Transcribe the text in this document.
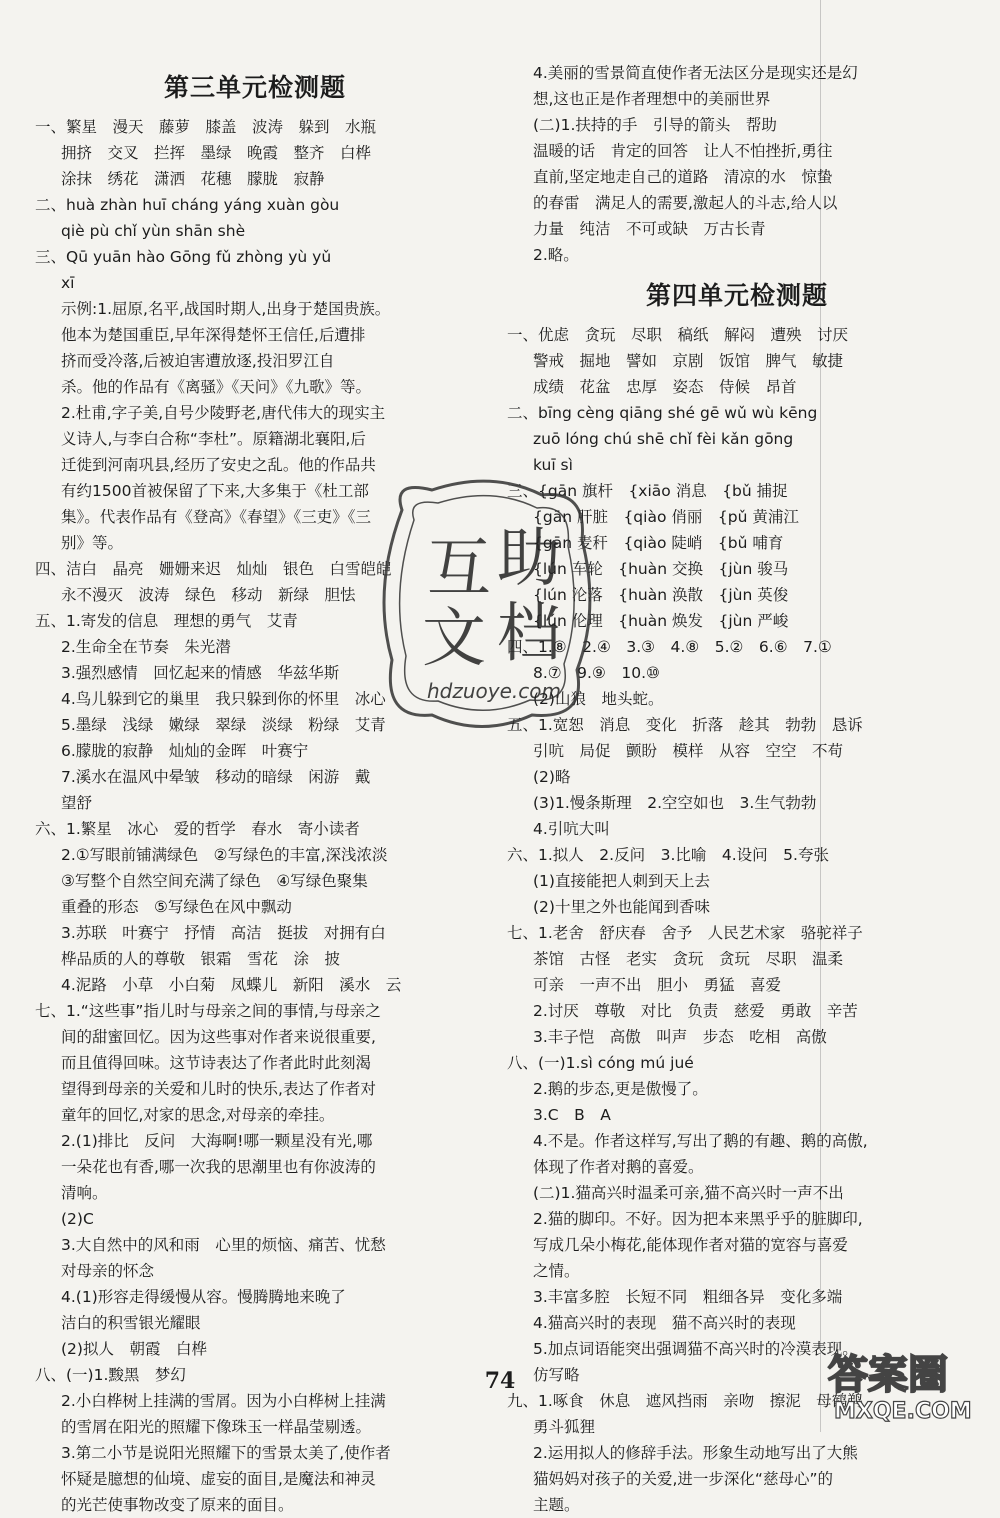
第三单元检测题
一、繁星　漫天　藤萝　膝盖　波涛　躲到　水瓶
拥挤　交叉　拦挥　墨绿　晚霞　整齐　白桦
涂抹　绣花　潇洒　花穗　朦胧　寂静
二、huà zhàn huī cháng yáng xuàn gòu
qiè pù chǐ yùn shān shè
三、Qū yuān hào Gōng fǔ zhòng yù yǔ
xī
示例:1.屈原,名平,战国时期人,出身于楚国贵族。
他本为楚国重臣,早年深得楚怀王信任,后遭排
挤而受冷落,后被迫害遭放逐,投汨罗江自
杀。他的作品有《离骚》《天问》《九歌》等。
2.杜甫,字子美,自号少陵野老,唐代伟大的现实主
义诗人,与李白合称“李杜”。原籍湖北襄阳,后
迁徙到河南巩县,经历了安史之乱。他的作品共
有约1500首被保留了下来,大多集于《杜工部
集》。代表作品有《登高》《春望》《三吏》《三
别》等。
四、洁白　晶亮　姗姗来迟　灿灿　银色　白雪皑皑
永不漫灭　波涛　绿色　移动　新绿　胆怯
五、1.寄发的信息　理想的勇气　艾青
2.生命全在节奏　朱光潜
3.强烈感情　回忆起来的情感　华兹华斯
4.鸟儿躲到它的巢里　我只躲到你的怀里　冰心
5.墨绿　浅绿　嫩绿　翠绿　淡绿　粉绿　艾青
6.朦胧的寂静　灿灿的金晖　叶赛宁
7.溪水在温风中晕皱　移动的暗绿　闲游　戴
望舒
六、1.繁星　冰心　爱的哲学　春水　寄小读者
2.①写眼前铺满绿色　②写绿色的丰富,深浅浓淡
③写整个自然空间充满了绿色　④写绿色聚集
重叠的形态　⑤写绿色在风中飘动
3.苏联　叶赛宁　抒情　高洁　挺拔　对拥有白
桦品质的人的尊敬　银霜　雪花　涂　披
4.泥路　小草　小白菊　凤蝶儿　新阳　溪水　云
七、1.“这些事”指儿时与母亲之间的事情,与母亲之
间的甜蜜回忆。因为这些事对作者来说很重要,
而且值得回味。这节诗表达了作者此时此刻渴
望得到母亲的关爱和儿时的快乐,表达了作者对
童年的回忆,对家的思念,对母亲的牵挂。
2.(1)排比　反问　大海啊!哪一颗星没有光,哪
一朵花也有香,哪一次我的思潮里也有你波涛的
清响。
(2)C
3.大自然中的风和雨　心里的烦恼、痛苦、忧愁
对母亲的怀念
4.(1)形容走得缓慢从容。慢腾腾地来晚了
洁白的积雪银光耀眼
(2)拟人　朝霞　白桦
八、(一)1.黢黑　梦幻
2.小白桦树上挂满的雪屑。因为小白桦树上挂满
的雪屑在阳光的照耀下像珠玉一样晶莹剔透。
3.第二小节是说阳光照耀下的雪景太美了,使作者
怀疑是臆想的仙境、虚妄的面目,是魔法和神灵
的光芒使事物改变了原来的面目。
4.美丽的雪景简直使作者无法区分是现实还是幻
想,这也正是作者理想中的美丽世界
(二)1.扶持的手　引导的箭头　帮助
温暖的话　肯定的回答　让人不怕挫折,勇往
直前,坚定地走自己的道路　清凉的水　惊蛰
的春雷　满足人的需要,激起人的斗志,给人以
力量　纯洁　不可或缺　万古长青
2.略。
第四单元检测题
一、优虑　贪玩　尽职　稿纸　解闷　遭殃　讨厌
警戒　掘地　譬如　京剧　饭馆　脾气　敏捷
成绩　花盆　忠厚　姿态　侍候　昂首
二、bīng cèng qiāng shé gē wǔ wù kēng
zuō lóng chú shē chǐ fèi kǎn gōng
kuī sì
三、{gān 旗杆　{xiāo 消息　{bǔ 捕捉
{gān 肝脏　{qiào 俏丽　{pǔ 黄浦江
{gān 麦秆　{qiào 陡峭　{bǔ 哺育
{lún 车轮　{huàn 交换　{jùn 骏马
{lún 沦落　{huàn 涣散　{jùn 英俊
{lún 伦理　{huàn 焕发　{jùn 严峻
四、1.⑧　2.④　3.③　4.⑧　5.②　6.⑥　7.①
8.⑦　9.⑨　10.⑩
(2)山狼　地头蛇。
五、1.宽恕　消息　变化　折落　趁其　勃勃　恳诉
引吭　局促　颤盼　模样　从容　空空　不苟
(2)略
(3)1.慢条斯理　2.空空如也　3.生气勃勃
4.引吭大叫
六、1.拟人　2.反问　3.比喻　4.设问　5.夸张
(1)直接能把人刺到天上去
(2)十里之外也能闻到香味
七、1.老舍　舒庆春　舍予　人民艺术家　骆驼祥子
茶馆　古怪　老实　贪玩　贪玩　尽职　温柔
可亲　一声不出　胆小　勇猛　喜爱
2.讨厌　尊敬　对比　负责　慈爱　勇敢　辛苦
3.丰子恺　高傲　叫声　步态　吃相　高傲
八、(一)1.sì cóng mú jué
2.鹅的步态,更是傲慢了。
3.C　B　A
4.不是。作者这样写,写出了鹅的有趣、鹅的高傲,
体现了作者对鹅的喜爱。
(二)1.猫高兴时温柔可亲,猫不高兴时一声不出
2.猫的脚印。不好。因为把本来黑乎乎的脏脚印,
写成几朵小梅花,能体现作者对猫的宽容与喜爱
之情。
3.丰富多腔　长短不同　粗细各异　变化多端
4.猫高兴时的表现　猫不高兴时的表现
5.加点词语能突出强调猫不高兴时的冷漠表现。
仿写略
九、1.啄食　休息　遮风挡雨　亲吻　擦泥　母鹤鹈
勇斗狐狸
2.运用拟人的修辞手法。形象生动地写出了大熊
猫妈妈对孩子的关爱,进一步深化“慈母心”的
主题。
74
互 助
文 档
hdzuoye.com
答案圈
MXQE.COM
